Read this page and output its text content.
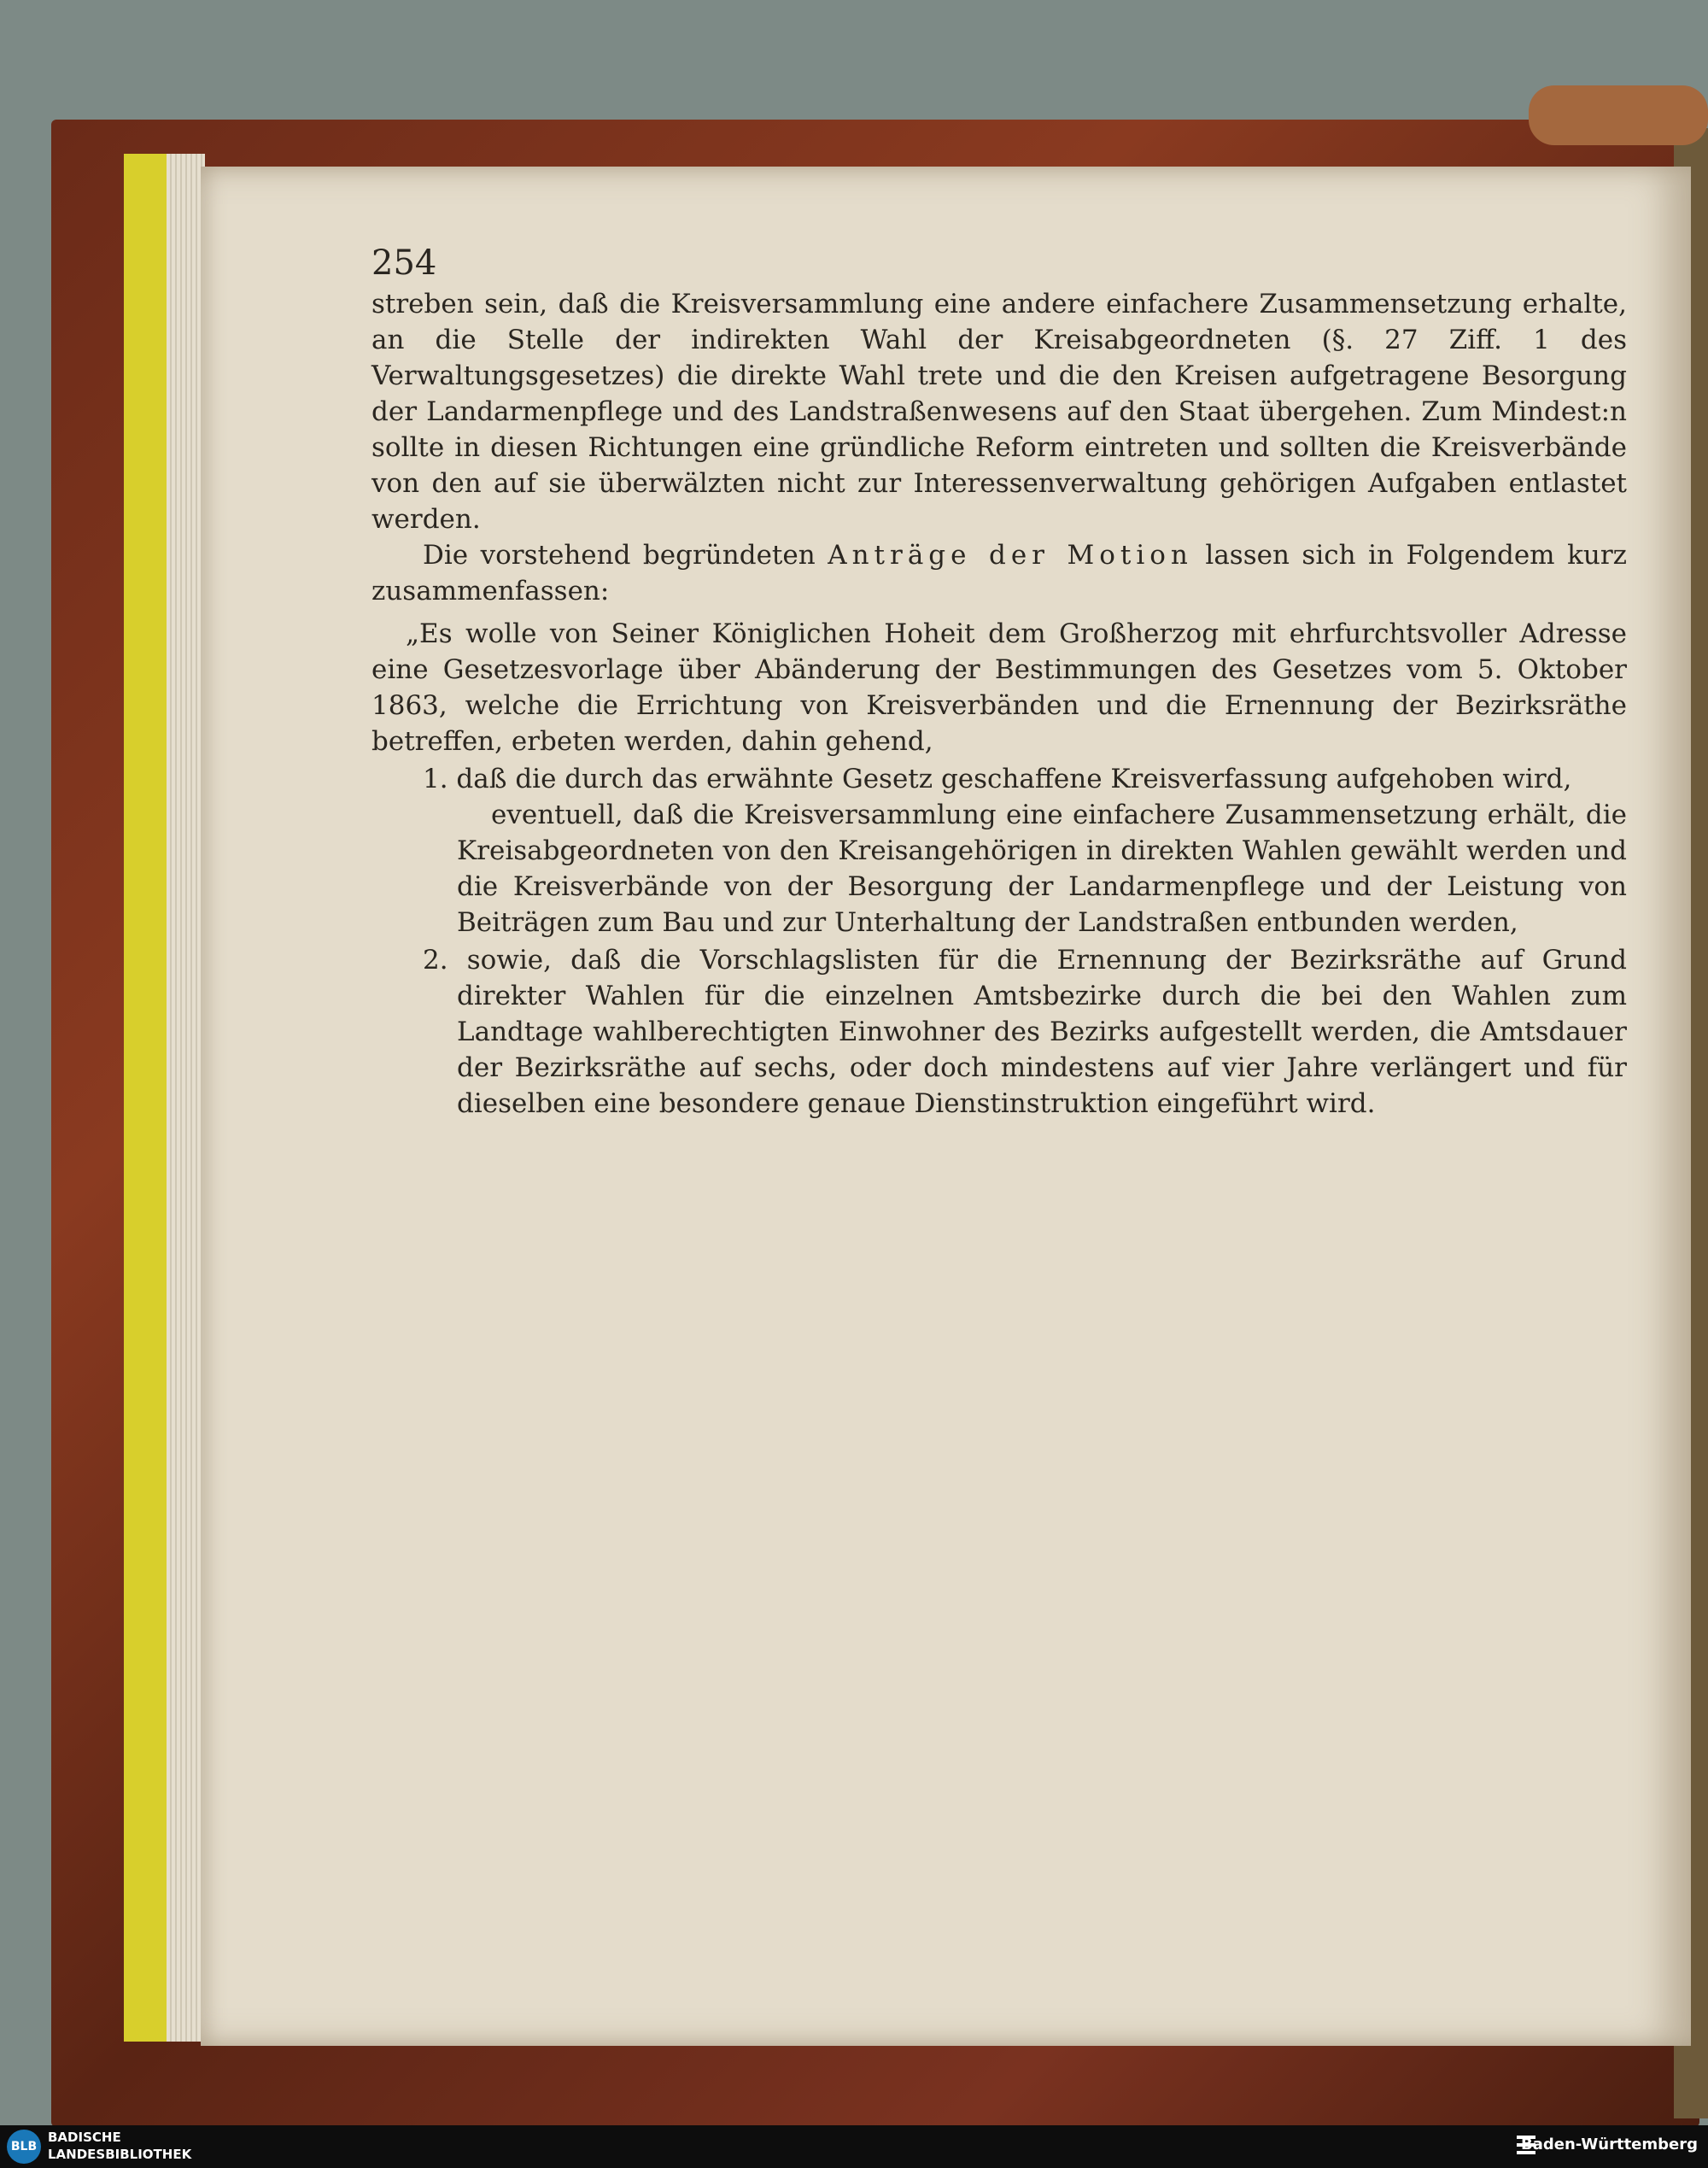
254

streben sein, daß die Kreisversammlung eine andere einfachere Zusammensetzung erhalte, an die Stelle der indirekten Wahl der Kreisabgeordneten (§. 27 Ziff. 1 des Verwaltungsgesetzes) die direkte Wahl trete und die den Kreisen aufgetragene Besorgung der Landarmenpflege und des Landstraßenwesens auf den Staat übergehen. Zum Mindest:n sollte in diesen Richtungen eine gründliche Reform eintreten und sollten die Kreisverbände von den auf sie überwälzten nicht zur Interessenverwaltung gehörigen Aufgaben entlastet werden.

Die vorstehend begründeten Anträge der Motion lassen sich in Folgendem kurz zusammenfassen:

„Es wolle von Seiner Königlichen Hoheit dem Großherzog mit ehrfurchtsvoller Adresse eine Gesetzesvorlage über Abänderung der Bestimmungen des Gesetzes vom 5. Oktober 1863, welche die Errichtung von Kreisverbänden und die Ernennung der Bezirksräthe betreffen, erbeten werden, dahin gehend,

1. daß die durch das erwähnte Gesetz geschaffene Kreisverfassung aufgehoben wird,
eventuell, daß die Kreisversammlung eine einfachere Zusammensetzung erhält, die Kreisabgeordneten von den Kreisangehörigen in direkten Wahlen gewählt werden und die Kreisverbände von der Besorgung der Landarmenpflege und der Leistung von Beiträgen zum Bau und zur Unterhaltung der Landstraßen entbunden werden,

2. sowie, daß die Vorschlagslisten für die Ernennung der Bezirksräthe auf Grund direkter Wahlen für die einzelnen Amtsbezirke durch die bei den Wahlen zum Landtage wahlberechtigten Einwohner des Bezirks aufgestellt werden, die Amtsdauer der Bezirksräthe auf sechs, oder doch mindestens auf vier Jahre verlängert und für dieselben eine besondere genaue Dienstinstruktion eingeführt wird.

BLB
BADISCHE
LANDESBIBLIOTHEK
Baden-Württemberg
